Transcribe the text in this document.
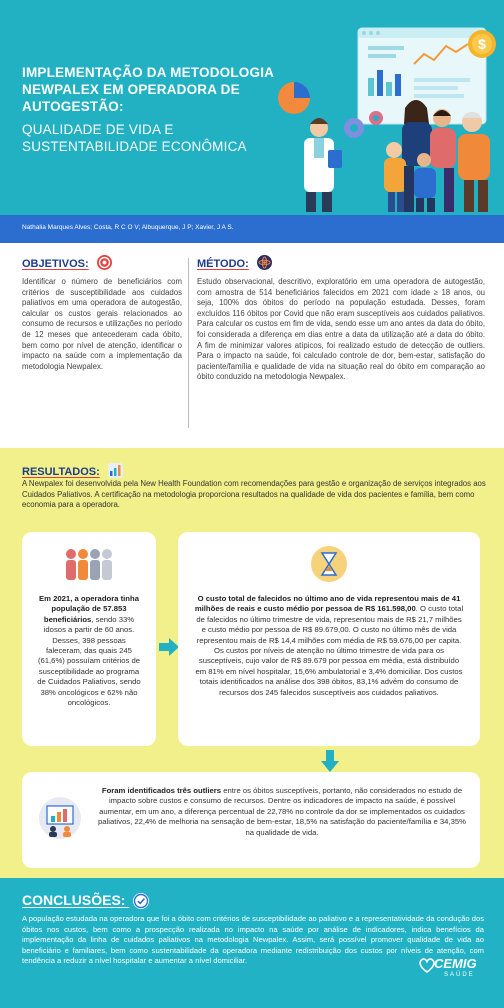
IMPLEMENTAÇÃO DA METODOLOGIA NEWPALEX EM OPERADORA DE AUTOGESTÃO:
QUALIDADE DE VIDA E SUSTENTABILIDADE ECONÔMICA
$
Nathalia Marques Alves; Costa, R C O V; Albuquerque, J P; Xavier, J A S.
OBJETIVOS:
Identificar o número de beneficiários com critérios de susceptibilidade aos cuidados paliativos em uma operadora de autogestão, calcular os custos gerais relacionados ao consumo de recursos e utilizações no período de 12 meses que antecederam cada óbito, bem como por nível de atenção, identificar o impacto na saúde com a implementação da metodologia Newpalex.
MÉTODO:
Estudo observacional, descritivo, exploratório em uma operadora de autogestão, com amostra de 514 beneficiários falecidos em 2021 com idade ≥ 18 anos, ou seja, 100% dos óbitos do período na população estudada. Desses, foram excluídos 116 óbitos por Covid que não eram susceptíveis aos cuidados paliativos. Para calcular os custos em fim de vida, sendo esse um ano antes da data do óbito, foi considerada a diferença em dias entre a data da utilização até a data do óbito. A fim de minimizar valores atípicos, foi realizado estudo de detecção de outliers. Para o impacto na saúde, foi calculado controle de dor, bem-estar, satisfação do paciente/família e qualidade de vida na situação real do óbito em comparação ao óbito conduzido na metodologia Newpalex.
RESULTADOS:
A Newpalex foi desenvolvida pela New Health Foundation com recomendações para gestão e organização de serviços integrados aos Cuidados Paliativos. A certificação na metodologia proporciona resultados na qualidade de vida dos pacientes e família, bem como economia para a operadora.
Em 2021, a operadora tinha população de 57.853 beneficiários, sendo 33% idosos a partir de 60 anos. Desses, 398 pessoas faleceram, das quais 245 (61,6%) possuíam critérios de susceptibilidade ao programa de Cuidados Paliativos, sendo 38% oncológicos e 62% não oncológicos.
O custo total de falecidos no último ano de vida representou mais de 41 milhões de reais e custo médio por pessoa de R$ 161.598,00. O custo total de falecidos no último trimestre de vida, representou mais de R$ 21,7 milhões e custo médio por pessoa de R$ 89.679,00. O custo no último mês de vida representou mais de R$ 14,4 milhões com média de R$ 59.676,00 per capita. Os custos por níveis de atenção no último trimestre de vida para os susceptíveis, cujo valor de R$ 89.679 por pessoa em média, está distribuído em 81% em nível hospitalar, 15,6% ambulatorial e 3,4% domiciliar. Dos custos totais identificados na análise dos 398 óbitos, 83,1% advém do consumo de recursos dos 245 falecidos susceptíveis aos cuidados paliativos.
Foram identificados três outliers entre os óbitos susceptíveis, portanto, não considerados no estudo de impacto sobre custos e consumo de recursos. Dentre os indicadores de impacto na saúde, é possível aumentar, em um ano, a diferença percentual de 22,78% no controle da dor se implementados os cuidados paliativos, 22,4% de melhoria na sensação de bem-estar, 18,5% na satisfação do paciente/família e 34,35% na qualidade de vida.
CONCLUSÕES:
A população estudada na operadora que foi a óbito com critérios de susceptibilidade ao paliativo e a representatividade da condução dos óbitos nos custos, bem como a prospecção realizada no impacto na saúde por análise de indicadores, indica benefícios da implementação da linha de cuidados paliativos na metodologia Newpalex. Assim, será possível promover qualidade de vida ao beneficiário e familiares, bem como sustentabilidade da operadora mediante redistribuição dos custos por níveis de atenção, com tendência a reduzir a nível hospitalar e aumentar a nível domiciliar.	CEMIG
SAÚDE
